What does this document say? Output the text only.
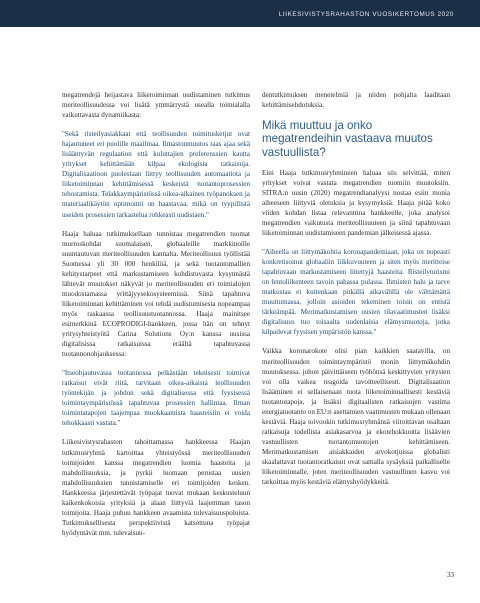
LIIKESIVISTYSRAHASTON VUOSIKERTOMUS 2020

megatrendejä heijastava liiketoiminnan uudistaminen tutkimus meriteollisuudessa voi lisätä ymmärrystä usealla toimialalla vaikuttavasta dynamiikasta:

"Sekä risteilyasiakkaat että teollisuuden toimitusketjut ovat hajautuneet eri puolille maailmaa. Ilmastonmuutos taas ajaa sekä lisääntyvän regulaation että kuluttajien preferenssien kautta yritykset kehittämään kilpaa ekologisia ratkaisuja. Digitalisaatioon puolestaan liittyy teollisuuden automaatiota ja liiketoiminnan kehittämisessä keskeistä tuotantoprosessien tehostamista. Telakkaympäristössä oikea-aikainen työpanoksen ja materiaalikäytön optimointi on haastavaa, mikä on tyypillistä useiden prosessien tarkastelua rohkeasti uudistaen."

Haaja haluaa tutkimuksellaan tunnistaa megatrendien tuomat murroskohdat suomalaisen, globaaleille markkinoille suuntautuvan meriteollisuuden kannalta. Meriteollisuus työllistää Suomessa yli 30 000 henkilöä, ja sekä tuotantomallien kehitystarpeet että markustamiseen kohdistuvasta kysynnästä lähtevät muutokset näkyvät jo meriteollisuuden eri toimialojen muodostamassa yrittäjyysekosysteemissä. Siinä tapahtuva liiketoiminnan kehittäminen voi tehdä uudistumisesta nopeampaa myös raskaassa teollisuustuotannossa. Haaja mainitsee esimerkkinä ECOPRODIGI-hankkeen, jossa hän on tehnyt yritysyhteistyötä Carina Solutions Oy:n kanssa uusissa digitalisissa ratkaisuissa eräältä tapahtuvassa tuotannonohjauksessa:

"Itseohjautuvassa tuotannossa pelkästään teknisesti toimivat ratkaisut eivät riitä, tarvitaan oikea-aikaista teollisuuden työntekijän ja johdon sekä digitalisessa että fyysisessä toimintaympäristössä tapahtuvaa prosessien hallintaa. Ilman toimintatapojen laajempaa muokkaamista haasteisiin ei voida tehokkaasti vastata."

Liikesivistysrahaston tahoittamassa hankkeessa Haajan tutkimusryhmä kartoittaa yhteistyössä meriteollisuuden toimijoiden kanssa megatrendien luomia haasteita ja mahdollisuuksia, ja pyrkii luomaan perustaa uusien mahdollisuuksien tunnistamiselle eri toimijoiden kesken. Hankkeessa järjestettävät työpajat tuovat mukaan keskusteluun kaikenkokoisia yrityksiä ja alaan liittyviä laajemman tason toimijoita. Haaja puhuu hankkeen avaamista tulevaisuuspoluista. Tutkimuksellisesta perspektiivistä katsottuna työpajat hyödyntävät mm. tulevaisuu-

dentutkimuksen menetelmiä ja niiden pohjalta laaditaan kehittämisehdotuksia.

Mikä muuttuu ja onko megatrendeihin vastaava muutos vastuullista?

Eini Haaja tutkimusryhmineen haluaa siis selvittää, miten yritykset voivat vastata megatrendien tuomiin muutoksiin. SITRA:n uusin (2020) megatrendianalyysi nostaa esiin monia aiheeseen liittyviä oletuksia ja kysymyksiä. Haaja pitää koko viiden kohdan listaa relevanttina hankkeelle, joka analysoi megatrendien vaikutusta meriteollisuuteen ja siinä tapahtuvaan liiketoiminnan uudistamiseen pandemian jälkeisessä ajassa.

"Aiheella on liittymäkohtia koronapandemiaan, joka on nopeasti konkretisoinut globaaliin liikkuvuuteen ja siten myös meritteise tapahtuvaan markustamiseen liitettyjä haasteita. Risteilyturismi on lentoliikenteen tavoin pahassa pulassa. Ihmisten halu ja tarve matkustaa ei kuitenkaan pitkällä aikavälillä ole välttämättä muuttumassa, jolloin asioiden tekeminen toisin on entistä tärkeämpää. Merimatkustamisen uusien tilavaatimusten lisäksi digitalisuus tuo toisaalta uudenlaisia elämysmuotoja, jotka kilpailevat fyysisen ympäristön kanssa."

Vaikka koronarokote olisi pian kaikkien saatavilla, on meriteollisuuden toimintaympäristö monin liittymäkohdin muutoksessa, johon päivittäiseen työhönsä keskittyvien yritysten voi olla vaikea reagoida tavoitteellisesti. Digitalisaation lisääminen ei sellaisenaan tuota liiketoiminnallisesti kestäviä tuotantotapoja, ja lisäksi digitaalisten ratkaisujen vastima energiatuotanto on EU:n asettamien vaatimusten mukaan ollenaan kestäviä. Haaja toivookin tutkimusryhmänsä viitoittavan osaltaan ratkaisuja todellista asiakasarvoa ja ekotehokkuutta lisäävien vastuullisten tuotantomuotojen kehittämiseen. Merimatkustamisen aisiakkaiden arvokotjuissa globalisti skaalattavat tuotantoratkaisut ovat samalla sysäyksiä paikalliselle liiketoiminnalle, joten meriteollisuuden vastuullinen kasvu voi tarkoittaa myös kestäviä elämyshyödykkeitä.

33
